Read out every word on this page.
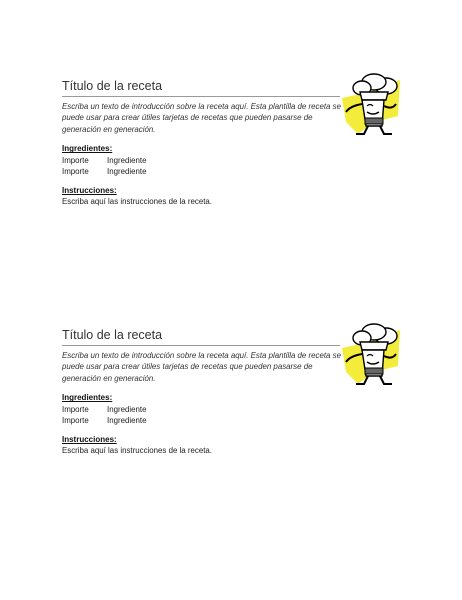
Título de la receta
Escriba un texto de introducción sobre la receta aquí. Esta plantilla de receta se puede usar para crear útiles tarjetas de recetas que pueden pasarse de generación en generación.
Ingredientes:
Importe Ingrediente
Importe Ingrediente
Instrucciones:
Escriba aquí las instrucciones de la receta.
Título de la receta
Escriba un texto de introducción sobre la receta aquí. Esta plantilla de receta se puede usar para crear útiles tarjetas de recetas que pueden pasarse de generación en generación.
Ingredientes:
Importe Ingrediente
Importe Ingrediente
Instrucciones:
Escriba aquí las instrucciones de la receta.
